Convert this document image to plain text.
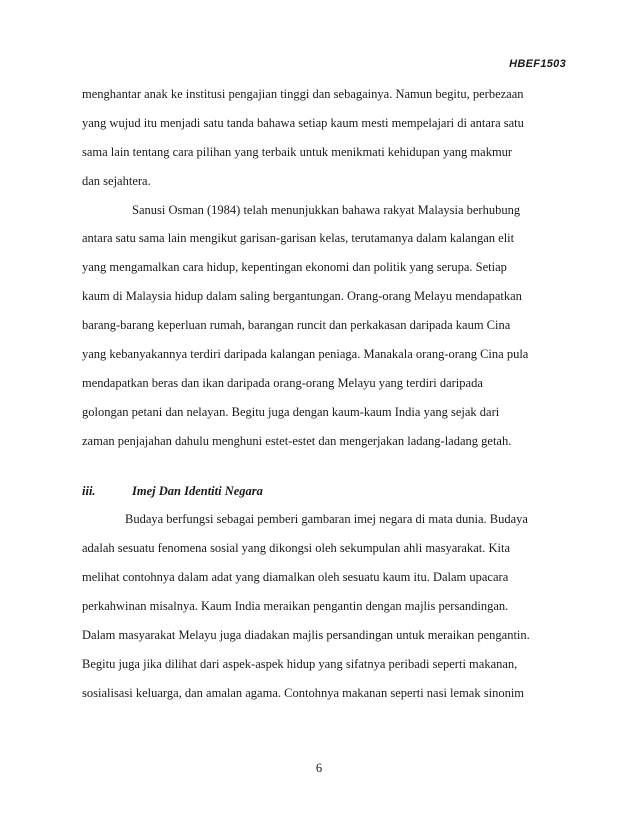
HBEF1503
menghantar anak ke institusi pengajian tinggi dan sebagainya. Namun begitu, perbezaan
yang wujud itu menjadi satu tanda bahawa setiap kaum mesti mempelajari di antara satu
sama lain tentang cara pilihan yang terbaik untuk menikmati kehidupan yang makmur
dan sejahtera.
Sanusi Osman (1984) telah menunjukkan bahawa rakyat Malaysia berhubung
antara satu sama lain mengikut garisan-garisan kelas, terutamanya dalam kalangan elit
yang mengamalkan cara hidup, kepentingan ekonomi dan politik yang serupa. Setiap
kaum di Malaysia hidup dalam saling bergantungan. Orang-orang Melayu mendapatkan
barang-barang keperluan rumah, barangan runcit dan perkakasan daripada kaum Cina
yang kebanyakannya terdiri daripada kalangan peniaga. Manakala orang-orang Cina pula
mendapatkan beras dan ikan daripada orang-orang Melayu yang terdiri daripada
golongan petani dan nelayan. Begitu juga dengan kaum-kaum India yang sejak dari
zaman penjajahan dahulu menghuni estet-estet dan mengerjakan ladang-ladang getah.
iii.	Imej Dan Identiti Negara
Budaya berfungsi sebagai pemberi gambaran imej negara di mata dunia. Budaya
adalah sesuatu fenomena sosial yang dikongsi oleh sekumpulan ahli masyarakat. Kita
melihat contohnya dalam adat yang diamalkan oleh sesuatu kaum itu. Dalam upacara
perkahwinan misalnya. Kaum India meraikan pengantin dengan majlis persandingan.
Dalam masyarakat Melayu juga diadakan majlis persandingan untuk meraikan pengantin.
Begitu juga jika dilihat dari aspek-aspek hidup yang sifatnya peribadi seperti makanan,
sosialisasi keluarga, dan amalan agama. Contohnya makanan seperti nasi lemak sinonim
6
